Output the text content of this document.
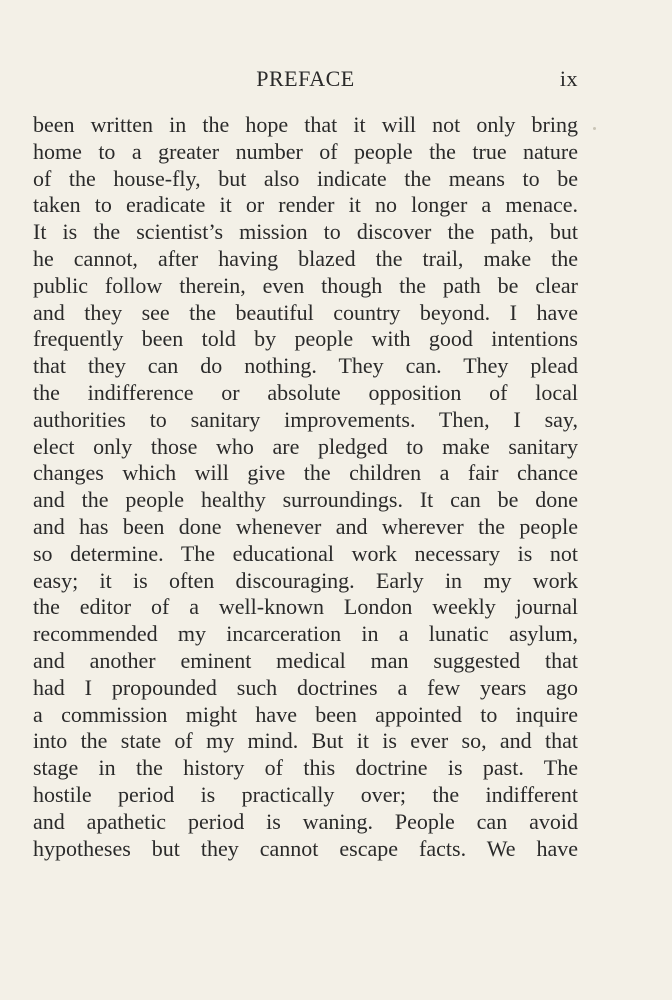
PREFACE	ix
been written in the hope that it will not only bring
home to a greater number of people the true nature
of the house-fly, but also indicate the means to be
taken to eradicate it or render it no longer a menace.
It is the scientist’s mission to discover the path, but
he cannot, after having blazed the trail, make the
public follow therein, even though the path be clear
and they see the beautiful country beyond. I have
frequently been told by people with good intentions
that they can do nothing. They can. They plead
the indifference or absolute opposition of local
authorities to sanitary improvements. Then, I say,
elect only those who are pledged to make sanitary
changes which will give the children a fair chance
and the people healthy surroundings. It can be done
and has been done whenever and wherever the people
so determine. The educational work necessary is not
easy; it is often discouraging. Early in my work
the editor of a well-known London weekly journal
recommended my incarceration in a lunatic asylum,
and another eminent medical man suggested that
had I propounded such doctrines a few years ago
a commission might have been appointed to inquire
into the state of my mind. But it is ever so, and that
stage in the history of this doctrine is past. The
hostile period is practically over; the indifferent
and apathetic period is waning. People can avoid
hypotheses but they cannot escape facts. We have
